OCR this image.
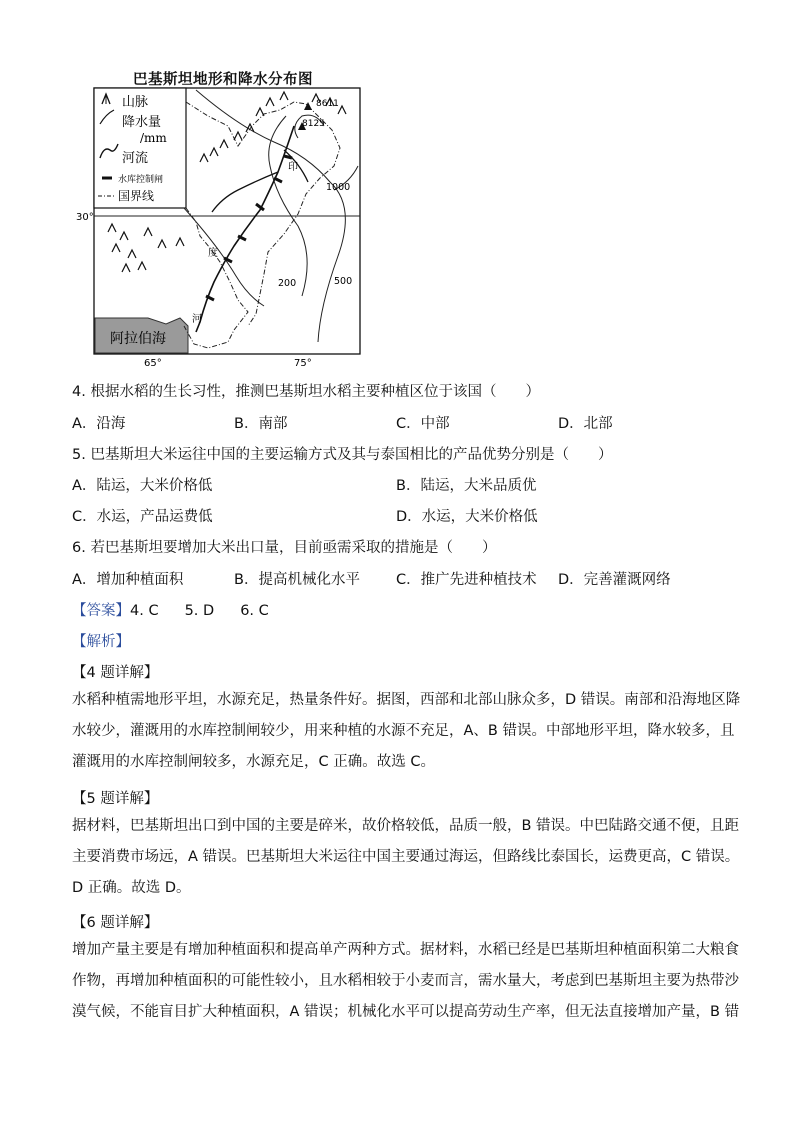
巴基斯坦地形和降水分布图
山脉
降水量
/mm
河流
水库控制闸
国界线
8611
8125
1000
500
200
印
度
河
阿拉伯海
30°
65°	75°
4. 根据水稻的生长习性，推测巴基斯坦水稻主要种植区位于该国（　　）
A．沿海	B．南部	C．中部	D．北部
5. 巴基斯坦大米运往中国的主要运输方式及其与泰国相比的产品优势分别是（　　）
A．陆运，大米价格低	B．陆运，大米品质优
C．水运，产品运费低	D．水运，大米价格低
6. 若巴基斯坦要增加大米出口量，目前亟需采取的措施是（　　）
A．增加种植面积	B．提高机械化水平 C．推广先进种植技术 D．完善灌溉网络
【答案】4. C 5. D 6. C
【解析】
【4 题详解】
水稻种植需地形平坦，水源充足，热量条件好。据图，西部和北部山脉众多，D 错误。南部和沿海地区降
水较少，灌溉用的水库控制闸较少，用来种植的水源不充足，A、B 错误。中部地形平坦，降水较多，且
灌溉用的水库控制闸较多，水源充足，C 正确。故选 C。
【5 题详解】
据材料，巴基斯坦出口到中国的主要是碎米，故价格较低，品质一般，B 错误。中巴陆路交通不便，且距
主要消费市场远，A 错误。巴基斯坦大米运往中国主要通过海运，但路线比泰国长，运费更高，C 错误。
D 正确。故选 D。
【6 题详解】
增加产量主要是有增加种植面积和提高单产两种方式。据材料，水稻已经是巴基斯坦种植面积第二大粮食
作物，再增加种植面积的可能性较小，且水稻相较于小麦而言，需水量大，考虑到巴基斯坦主要为热带沙
漠气候，不能盲目扩大种植面积，A 错误；机械化水平可以提高劳动生产率，但无法直接增加产量，B 错
